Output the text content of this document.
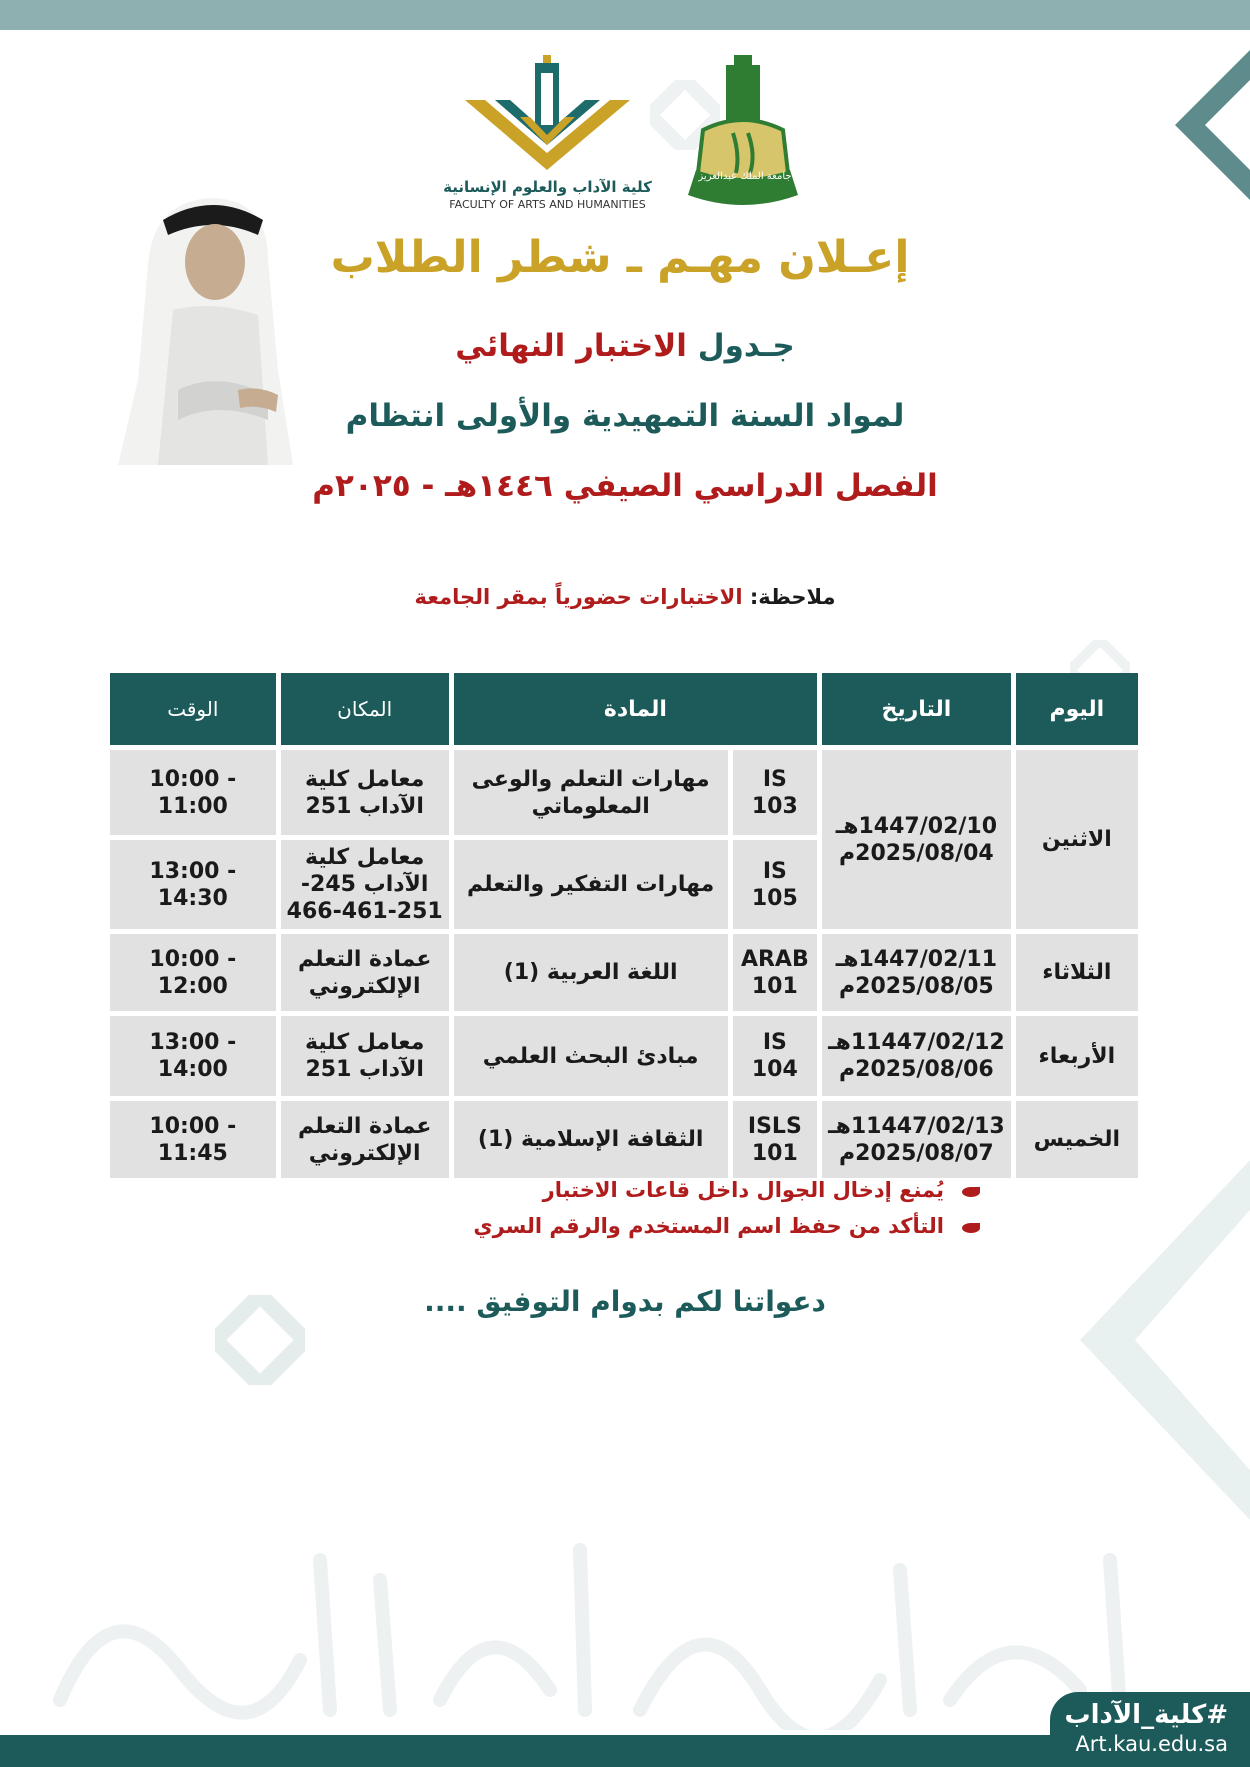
كلية الآداب والعلوم الإنسانية
FACULTY OF ARTS AND HUMANITIES
جامعة الملك عبدالعزيز
إعـلان مهـم ـ شطر الطلاب
جـدول الاختبار النهائي
لمواد السنة التمهيدية والأولى انتظام
الفصل الدراسي الصيفي ١٤٤٦هـ - ٢٠٢٥م
ملاحظة: الاختبارات حضورياً بمقر الجامعة
اليوم	التاريخ	المادة		المكان	الوقت
الاثنين	1447/02/10هـ 2025/08/04م	IS 103	مهارات التعلم والوعى المعلوماتي	معامل كلية الآداب 251	10:00 - 11:00
		IS 105	مهارات التفكير والتعلم	معامل كلية الآداب 245- 251-461-466	13:00 - 14:30
الثلاثاء	1447/02/11هـ 2025/08/05م	ARAB 101	اللغة العربية (1)	عمادة التعلم الإلكتروني	10:00 - 12:00
الأربعاء	11447/02/12هـ 2025/08/06م	IS 104	مبادئ البحث العلمي	معامل كلية الآداب 251	13:00 - 14:00
الخميس	11447/02/13هـ 2025/08/07م	ISLS 101	الثقافة الإسلامية (1)	عمادة التعلم الإلكتروني	10:00 - 11:45
يُمنع إدخال الجوال داخل قاعات الاختبار
التأكد من حفظ اسم المستخدم والرقم السري
دعواتنا لكم بدوام التوفيق ....
#كلية_الآداب
Art.kau.edu.sa
